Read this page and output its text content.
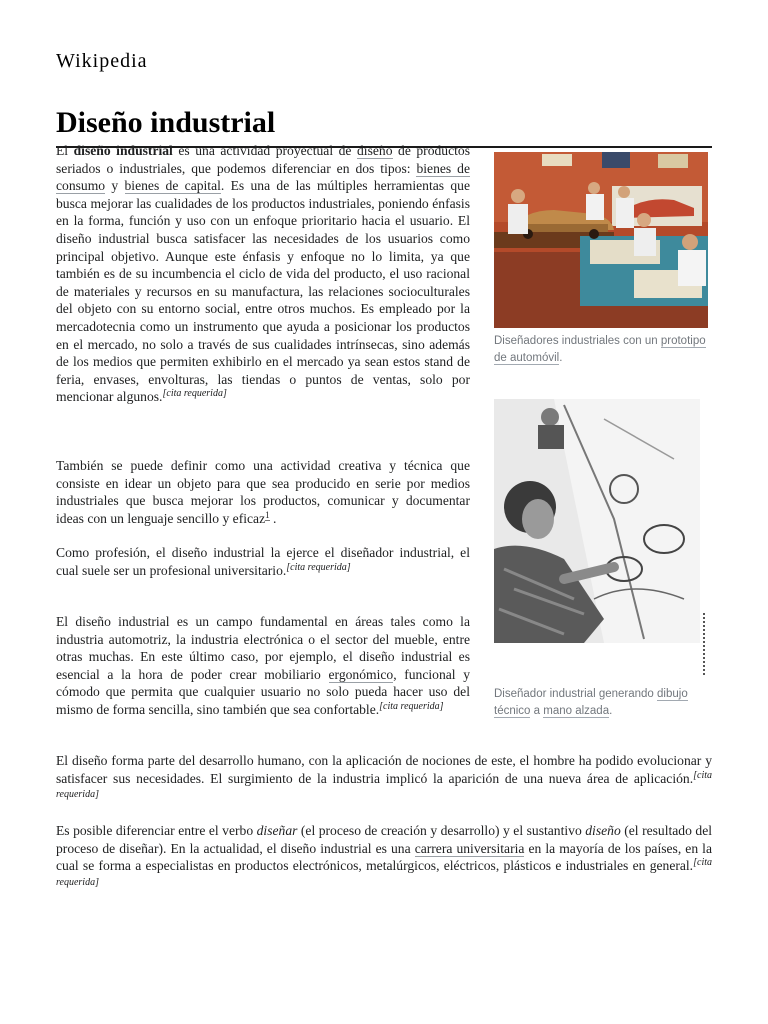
Wikipedia
Diseño industrial

El diseño industrial es una actividad proyectual de diseño de productos seriados o industriales, que podemos diferenciar en dos tipos: bienes de consumo y bienes de capital. Es una de las múltiples herramientas que busca mejorar las cualidades de los productos industriales, poniendo énfasis en la forma, función y uso con un enfoque prioritario hacia el usuario. El diseño industrial busca satisfacer las necesidades de los usuarios como principal objetivo. Aunque este énfasis y enfoque no lo limita, ya que también es de su incumbencia el ciclo de vida del producto, el uso racional de materiales y recursos en su manufactura, las relaciones socioculturales del objeto con su entorno social, entre otros muchos. Es empleado por la mercadotecnia como un instrumento que ayuda a posicionar los productos en el mercado, no solo a través de sus cualidades intrínsecas, sino además de los medios que permiten exhibirlo en el mercado ya sean estos stand de feria, envases, envolturas, las tiendas o puntos de ventas, solo por mencionar algunos.[cita requerida]

También se puede definir como una actividad creativa y técnica que consiste en idear un objeto para que sea producido en serie por medios industriales que busca mejorar los productos, comunicar y documentar ideas con un lenguaje sencillo y eficaz$^1$ .

Como profesión, el diseño industrial la ejerce el diseñador industrial, el cual suele ser un profesional universitario.[cita requerida]

El diseño industrial es un campo fundamental en áreas tales como la industria automotriz, la industria electrónica o el sector del mueble, entre otras muchas. En este último caso, por ejemplo, el diseño industrial es esencial a la hora de poder crear mobiliario ergonómico, funcional y cómodo que permita que cualquier usuario no solo pueda hacer uso del mismo de forma sencilla, sino también que sea confortable.[cita requerida]

El diseño forma parte del desarrollo humano, con la aplicación de nociones de este, el hombre ha podido evolucionar y satisfacer sus necesidades. El surgimiento de la industria implicó la aparición de una nueva área de aplicación.[cita requerida]

Es posible diferenciar entre el verbo diseñar (el proceso de creación y desarrollo) y el sustantivo diseño (el resultado del proceso de diseñar). En la actualidad, el diseño industrial es una carrera universitaria en la mayoría de los países, en la cual se forma a especialistas en productos electrónicos, metalúrgicos, eléctricos, plásticos e industriales en general.[cita requerida]

Diseñadores industriales con un prototipo de automóvil.
Diseñador industrial generando dibujo técnico a mano alzada.
